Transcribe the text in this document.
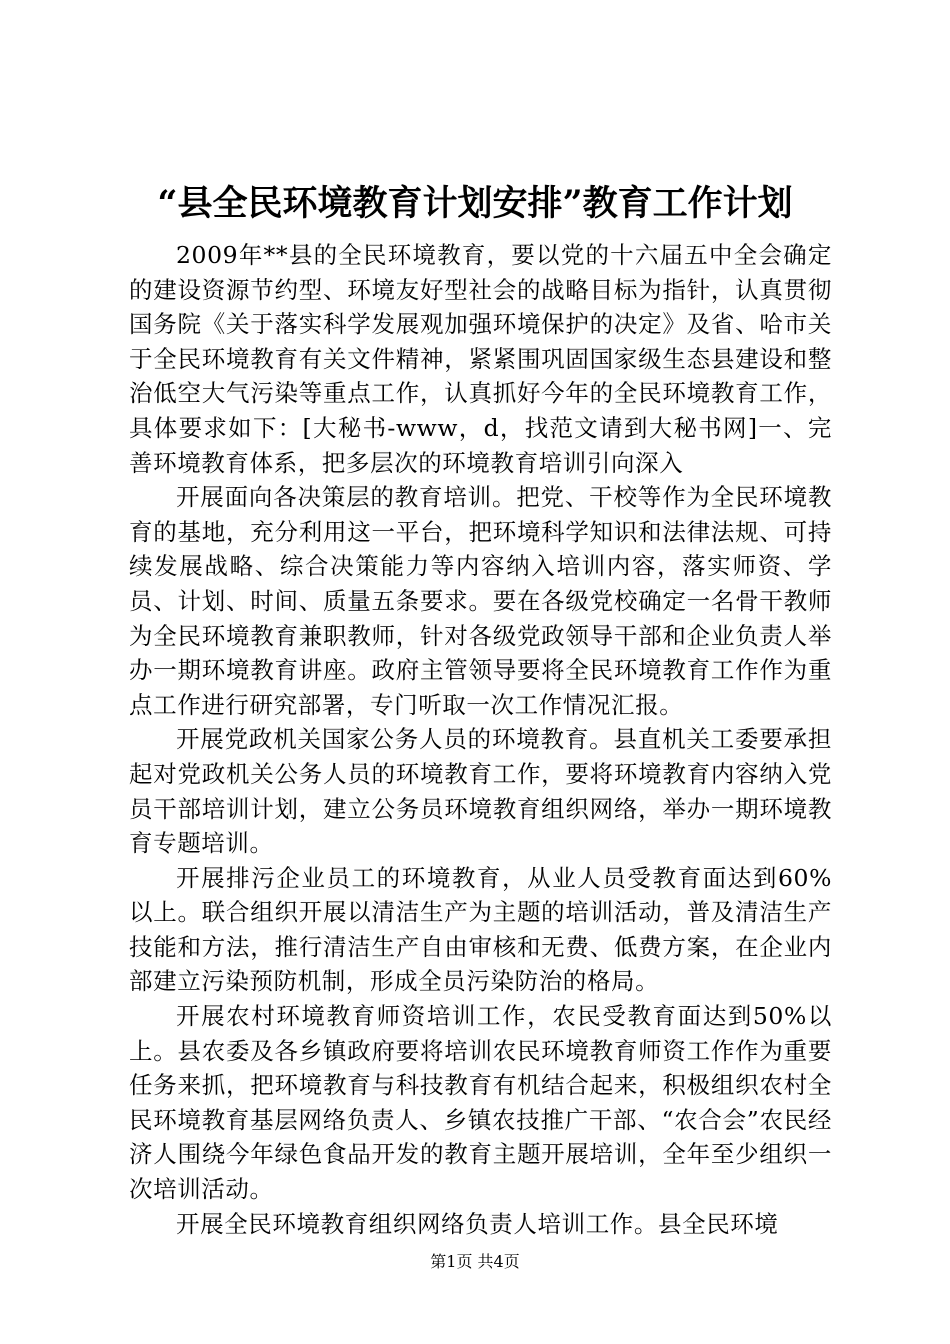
“县全民环境教育计划安排”教育工作计划

2009年**县的全民环境教育，要以党的十六届五中全会确定的建设资源节约型、环境友好型社会的战略目标为指针，认真贯彻国务院《关于落实科学发展观加强环境保护的决定》及省、哈市关于全民环境教育有关文件精神，紧紧围巩固国家级生态县建设和整治低空大气污染等重点工作，认真抓好今年的全民环境教育工作，具体要求如下：[大秘书-www，d，找范文请到大秘书网]一、完善环境教育体系，把多层次的环境教育培训引向深入

开展面向各决策层的教育培训。把党、干校等作为全民环境教育的基地，充分利用这一平台，把环境科学知识和法律法规、可持续发展战略、综合决策能力等内容纳入培训内容，落实师资、学员、计划、时间、质量五条要求。要在各级党校确定一名骨干教师为全民环境教育兼职教师，针对各级党政领导干部和企业负责人举办一期环境教育讲座。政府主管领导要将全民环境教育工作作为重点工作进行研究部署，专门听取一次工作情况汇报。

开展党政机关国家公务人员的环境教育。县直机关工委要承担起对党政机关公务人员的环境教育工作，要将环境教育内容纳入党员干部培训计划，建立公务员环境教育组织网络，举办一期环境教育专题培训。

开展排污企业员工的环境教育，从业人员受教育面达到60%以上。联合组织开展以清洁生产为主题的培训活动，普及清洁生产技能和方法，推行清洁生产自由审核和无费、低费方案，在企业内部建立污染预防机制，形成全员污染防治的格局。

开展农村环境教育师资培训工作，农民受教育面达到50%以上。县农委及各乡镇政府要将培训农民环境教育师资工作作为重要任务来抓，把环境教育与科技教育有机结合起来，积极组织农村全民环境教育基层网络负责人、乡镇农技推广干部、“农合会”农民经济人围绕今年绿色食品开发的教育主题开展培训，全年至少组织一次培训活动。

开展全民环境教育组织网络负责人培训工作。县全民环境

第1页 共4页
